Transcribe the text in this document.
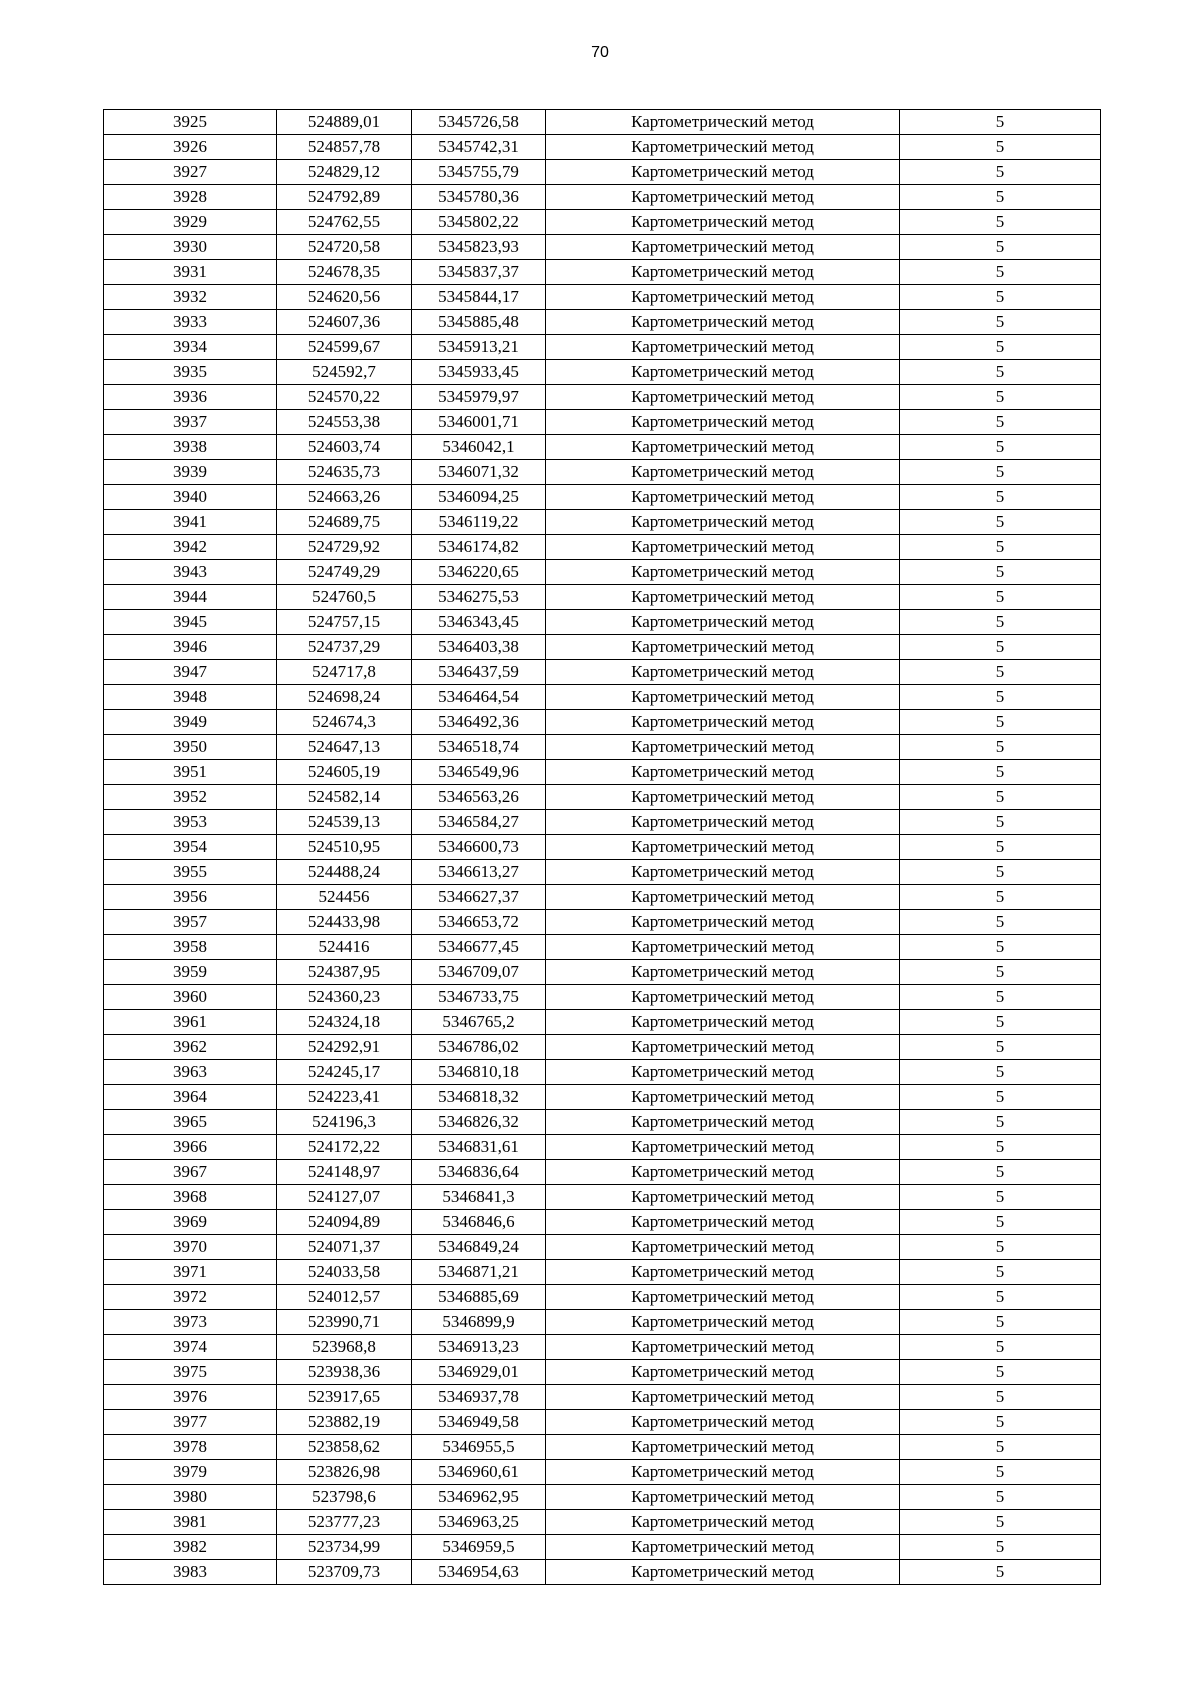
70
3925	524889,01	5345726,58	Картометрический метод	5
3926	524857,78	5345742,31	Картометрический метод	5
3927	524829,12	5345755,79	Картометрический метод	5
3928	524792,89	5345780,36	Картометрический метод	5
3929	524762,55	5345802,22	Картометрический метод	5
3930	524720,58	5345823,93	Картометрический метод	5
3931	524678,35	5345837,37	Картометрический метод	5
3932	524620,56	5345844,17	Картометрический метод	5
3933	524607,36	5345885,48	Картометрический метод	5
3934	524599,67	5345913,21	Картометрический метод	5
3935	524592,7	5345933,45	Картометрический метод	5
3936	524570,22	5345979,97	Картометрический метод	5
3937	524553,38	5346001,71	Картометрический метод	5
3938	524603,74	5346042,1	Картометрический метод	5
3939	524635,73	5346071,32	Картометрический метод	5
3940	524663,26	5346094,25	Картометрический метод	5
3941	524689,75	5346119,22	Картометрический метод	5
3942	524729,92	5346174,82	Картометрический метод	5
3943	524749,29	5346220,65	Картометрический метод	5
3944	524760,5	5346275,53	Картометрический метод	5
3945	524757,15	5346343,45	Картометрический метод	5
3946	524737,29	5346403,38	Картометрический метод	5
3947	524717,8	5346437,59	Картометрический метод	5
3948	524698,24	5346464,54	Картометрический метод	5
3949	524674,3	5346492,36	Картометрический метод	5
3950	524647,13	5346518,74	Картометрический метод	5
3951	524605,19	5346549,96	Картометрический метод	5
3952	524582,14	5346563,26	Картометрический метод	5
3953	524539,13	5346584,27	Картометрический метод	5
3954	524510,95	5346600,73	Картометрический метод	5
3955	524488,24	5346613,27	Картометрический метод	5
3956	524456	5346627,37	Картометрический метод	5
3957	524433,98	5346653,72	Картометрический метод	5
3958	524416	5346677,45	Картометрический метод	5
3959	524387,95	5346709,07	Картометрический метод	5
3960	524360,23	5346733,75	Картометрический метод	5
3961	524324,18	5346765,2	Картометрический метод	5
3962	524292,91	5346786,02	Картометрический метод	5
3963	524245,17	5346810,18	Картометрический метод	5
3964	524223,41	5346818,32	Картометрический метод	5
3965	524196,3	5346826,32	Картометрический метод	5
3966	524172,22	5346831,61	Картометрический метод	5
3967	524148,97	5346836,64	Картометрический метод	5
3968	524127,07	5346841,3	Картометрический метод	5
3969	524094,89	5346846,6	Картометрический метод	5
3970	524071,37	5346849,24	Картометрический метод	5
3971	524033,58	5346871,21	Картометрический метод	5
3972	524012,57	5346885,69	Картометрический метод	5
3973	523990,71	5346899,9	Картометрический метод	5
3974	523968,8	5346913,23	Картометрический метод	5
3975	523938,36	5346929,01	Картометрический метод	5
3976	523917,65	5346937,78	Картометрический метод	5
3977	523882,19	5346949,58	Картометрический метод	5
3978	523858,62	5346955,5	Картометрический метод	5
3979	523826,98	5346960,61	Картометрический метод	5
3980	523798,6	5346962,95	Картометрический метод	5
3981	523777,23	5346963,25	Картометрический метод	5
3982	523734,99	5346959,5	Картометрический метод	5
3983	523709,73	5346954,63	Картометрический метод	5
